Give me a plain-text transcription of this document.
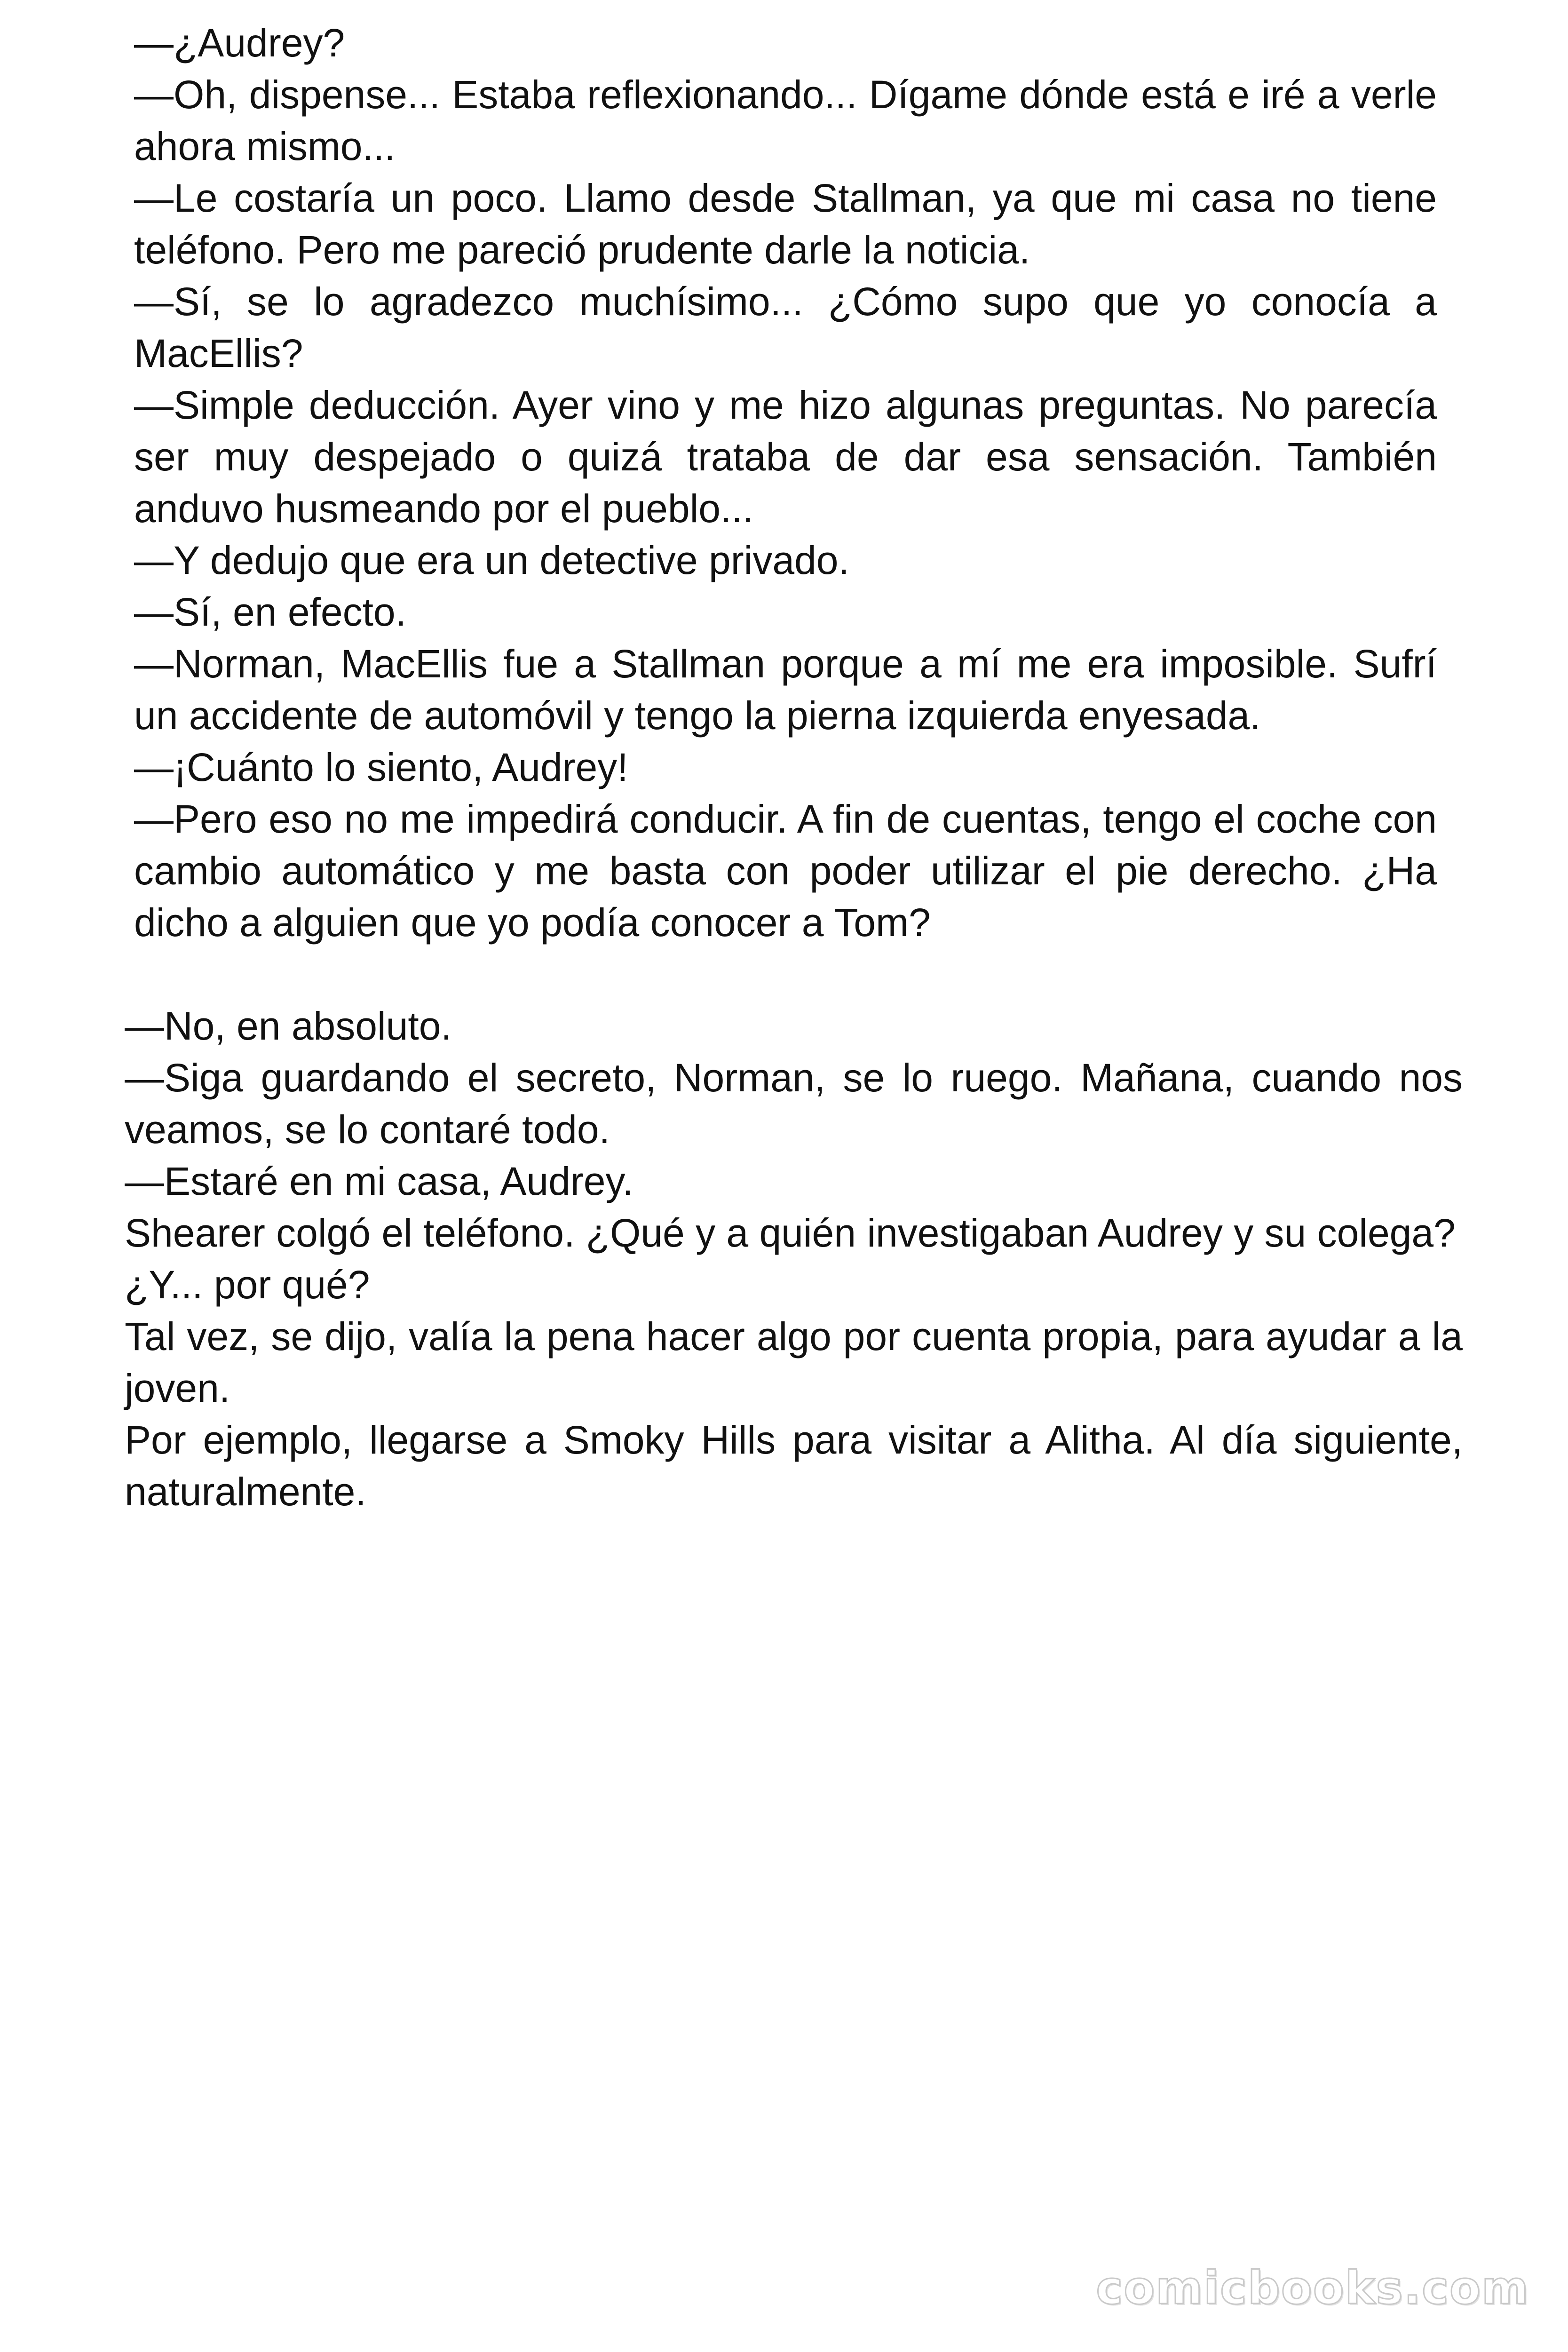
—¿Audrey?

—Oh, dispense... Estaba reflexionando... Dígame dónde está e iré a verle ahora mismo...

—Le costaría un poco. Llamo desde Stallman, ya que mi casa no tiene teléfono. Pero me pareció prudente darle la noticia.

—Sí, se lo agradezco muchísimo... ¿Cómo supo que yo conocía a MacEllis?

—Simple deducción. Ayer vino y me hizo algunas preguntas. No parecía ser muy despejado o quizá trataba de dar esa sensación. También anduvo husmeando por el pueblo...

—Y dedujo que era un detective privado.

—Sí, en efecto.

—Norman, MacEllis fue a Stallman porque a mí me era imposible. Sufrí un accidente de automóvil y tengo la pierna izquierda enyesada.

—¡Cuánto lo siento, Audrey!

—Pero eso no me impedirá conducir. A fin de cuentas, tengo el coche con cambio automático y me basta con poder utilizar el pie derecho. ¿Ha dicho a alguien que yo podía conocer a Tom?

—No, en absoluto.

—Siga guardando el secreto, Norman, se lo ruego. Mañana, cuando nos veamos, se lo contaré todo.

—Estaré en mi casa, Audrey.

Shearer colgó el teléfono. ¿Qué y a quién investigaban Audrey y su colega?

¿Y... por qué?

Tal vez, se dijo, valía la pena hacer algo por cuenta propia, para ayudar a la joven.

Por ejemplo, llegarse a Smoky Hills para visitar a Alitha. Al día siguiente, naturalmente.

comicbooks.com
